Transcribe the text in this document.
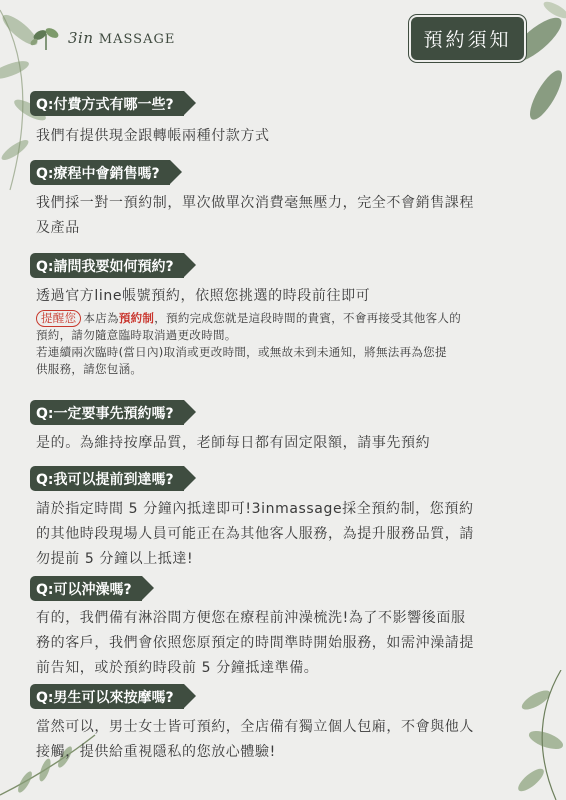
3in MASSAGE	預約須知
Q:付費方式有哪一些?
我們有提供現金跟轉帳兩種付款方式
Q:療程中會銷售嗎?
我們採一對一預約制，單次做單次消費毫無壓力，完全不會銷售課程
及產品
Q:請問我要如何預約?
透過官方line帳號預約，依照您挑選的時段前往即可
提醒您 本店為預約制，預約完成您就是這段時間的貴賓，不會再接受其他客人的
預約，請勿隨意臨時取消過更改時間。
若連續兩次臨時(當日內)取消或更改時間，或無故未到未通知，將無法再為您提
供服務，請您包涵。
Q:一定要事先預約嗎?
是的。為維持按摩品質，老師每日都有固定限額，請事先預約
Q:我可以提前到達嗎?
請於指定時間 5 分鐘內抵達即可!3inmassage採全預約制，您預約
的其他時段現場人員可能正在為其他客人服務，為提升服務品質，請
勿提前 5 分鐘以上抵達!
Q:可以沖澡嗎?
有的，我們備有淋浴間方便您在療程前沖澡梳洗!為了不影響後面服
務的客戶，我們會依照您原預定的時間準時開始服務，如需沖澡請提
前告知，或於預約時段前 5 分鐘抵達準備。
Q:男生可以來按摩嗎?
當然可以，男士女士皆可預約，全店備有獨立個人包廂，不會與他人
接觸，提供給重視隱私的您放心體驗!
